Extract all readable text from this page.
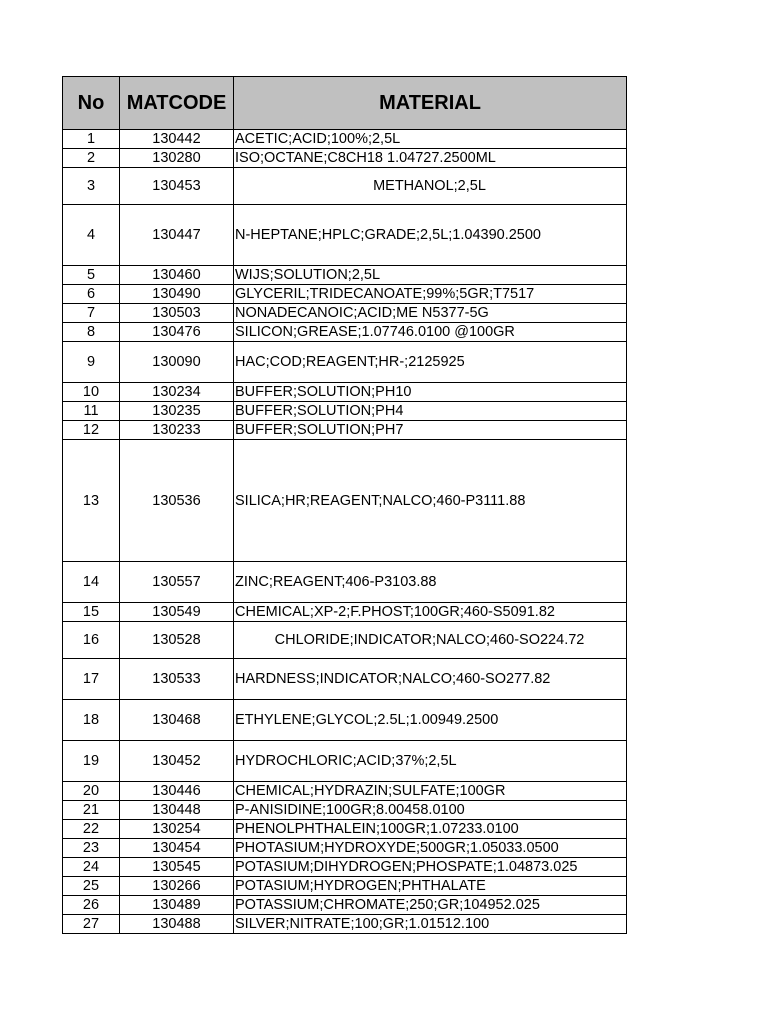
No	MATCODE	MATERIAL
1	130442	ACETIC;ACID;100%;2,5L
2	130280	ISO;OCTANE;C8CH18 1.04727.2500ML
3	130453	METHANOL;2,5L
4	130447	N-HEPTANE;HPLC;GRADE;2,5L;1.04390.2500
5	130460	WIJS;SOLUTION;2,5L
6	130490	GLYCERIL;TRIDECANOATE;99%;5GR;T7517
7	130503	NONADECANOIC;ACID;ME N5377-5G
8	130476	SILICON;GREASE;1.07746.0100 @100GR
9	130090	HAC;COD;REAGENT;HR-;2125925
10	130234	BUFFER;SOLUTION;PH10
11	130235	BUFFER;SOLUTION;PH4
12	130233	BUFFER;SOLUTION;PH7
13	130536	SILICA;HR;REAGENT;NALCO;460-P3111.88
14	130557	ZINC;REAGENT;406-P3103.88
15	130549	CHEMICAL;XP-2;F.PHOST;100GR;460-S5091.82
16	130528	CHLORIDE;INDICATOR;NALCO;460-SO224.72
17	130533	HARDNESS;INDICATOR;NALCO;460-SO277.82
18	130468	ETHYLENE;GLYCOL;2.5L;1.00949.2500
19	130452	HYDROCHLORIC;ACID;37%;2,5L
20	130446	CHEMICAL;HYDRAZIN;SULFATE;100GR
21	130448	P-ANISIDINE;100GR;8.00458.0100
22	130254	PHENOLPHTHALEIN;100GR;1.07233.0100
23	130454	PHOTASIUM;HYDROXYDE;500GR;1.05033.0500
24	130545	POTASIUM;DIHYDROGEN;PHOSPATE;1.04873.025
25	130266	POTASIUM;HYDROGEN;PHTHALATE
26	130489	POTASSIUM;CHROMATE;250;GR;104952.025
27	130488	SILVER;NITRATE;100;GR;1.01512.100
